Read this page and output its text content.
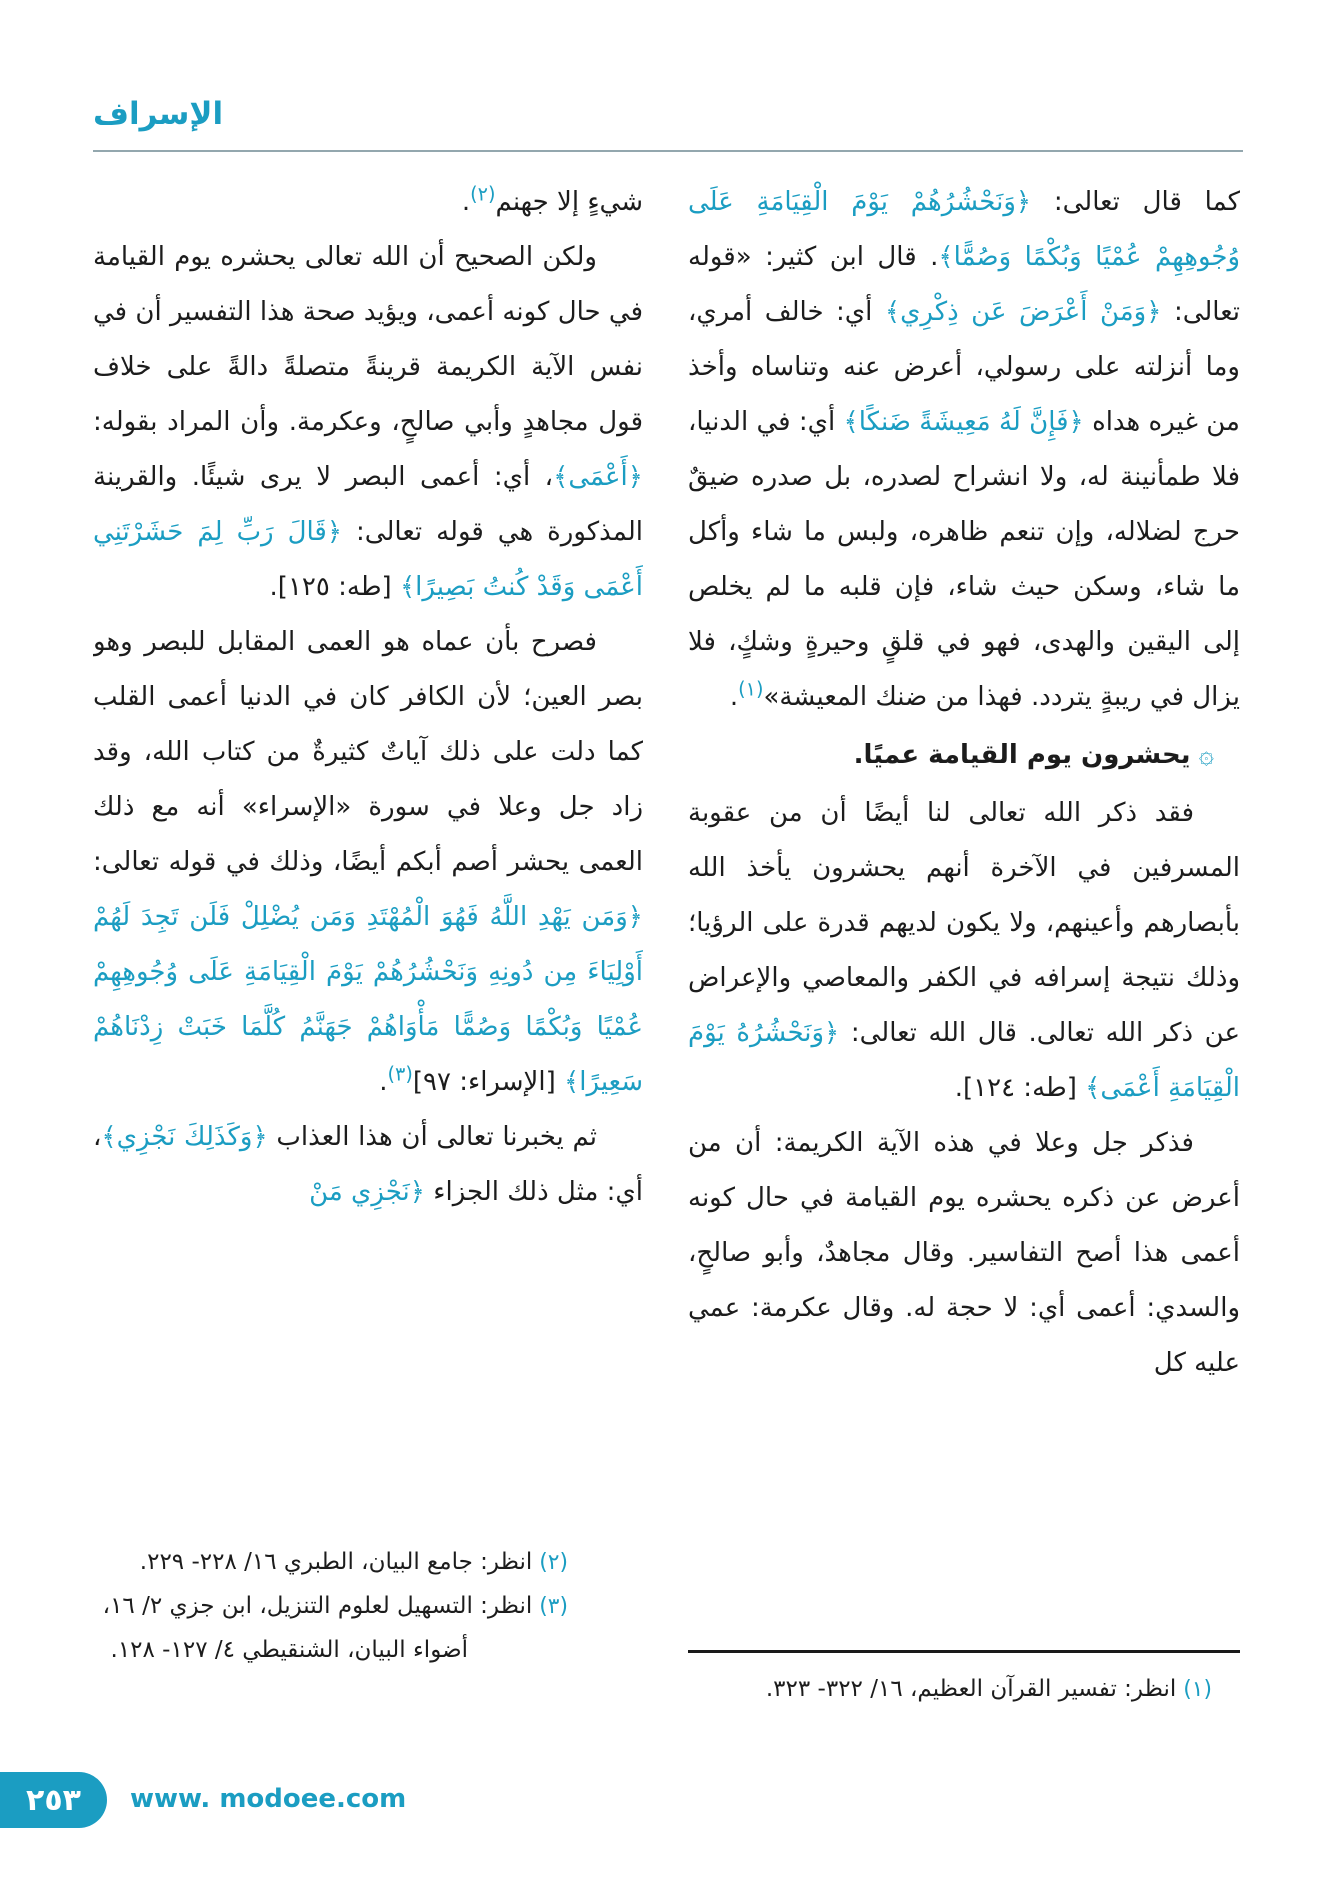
الإسراف

كما قال تعالى: ﴿وَنَحْشُرُهُمْ يَوْمَ الْقِيَامَةِ عَلَى وُجُوهِهِمْ عُمْيًا وَبُكْمًا وَصُمًّا﴾. قال ابن كثير: «قوله تعالى: ﴿وَمَنْ أَعْرَضَ عَن ذِكْرِي﴾ أي: خالف أمري، وما أنزلته على رسولي، أعرض عنه وتناساه وأخذ من غيره هداه ﴿فَإِنَّ لَهُ مَعِيشَةً ضَنكًا﴾ أي: في الدنيا، فلا طمأنينة له، ولا انشراح لصدره، بل صدره ضيقٌ حرج لضلاله، وإن تنعم ظاهره، ولبس ما شاء وأكل ما شاء، وسكن حيث شاء، فإن قلبه ما لم يخلص إلى اليقين والهدى، فهو في قلقٍ وحيرةٍ وشكٍ، فلا يزال في ريبةٍ يتردد. فهذا من ضنك المعيشة»$^{(١)}$.

۞ يحشرون يوم القيامة عميًا.

فقد ذكر الله تعالى لنا أيضًا أن من عقوبة المسرفين في الآخرة أنهم يحشرون يأخذ الله بأبصارهم وأعينهم، ولا يكون لديهم قدرة على الرؤيا؛ وذلك نتيجة إسرافه في الكفر والمعاصي والإعراض عن ذكر الله تعالى. قال الله تعالى: ﴿وَنَحْشُرُهُ يَوْمَ الْقِيَامَةِ أَعْمَى﴾ [طه: ١٢٤].

فذكر جل وعلا في هذه الآية الكريمة: أن من أعرض عن ذكره يحشره يوم القيامة في حال كونه أعمى هذا أصح التفاسير. وقال مجاهدٌ، وأبو صالحٍ، والسدي: أعمى أي: لا حجة له. وقال عكرمة: عمي عليه كل

شيءٍ إلا جهنم$^{(٢)}$.

ولكن الصحيح أن الله تعالى يحشره يوم القيامة في حال كونه أعمى، ويؤيد صحة هذا التفسير أن في نفس الآية الكريمة قرينةً متصلةً دالةً على خلاف قول مجاهدٍ وأبي صالحٍ، وعكرمة. وأن المراد بقوله: ﴿أَعْمَى﴾، أي: أعمى البصر لا يرى شيئًا. والقرينة المذكورة هي قوله تعالى: ﴿قَالَ رَبِّ لِمَ حَشَرْتَنِي أَعْمَى وَقَدْ كُنتُ بَصِيرًا﴾ [طه: ١٢٥].

فصرح بأن عماه هو العمى المقابل للبصر وهو بصر العين؛ لأن الكافر كان في الدنيا أعمى القلب كما دلت على ذلك آياتٌ كثيرةٌ من كتاب الله، وقد زاد جل وعلا في سورة «الإسراء» أنه مع ذلك العمى يحشر أصم أبكم أيضًا، وذلك في قوله تعالى: ﴿وَمَن يَهْدِ اللَّهُ فَهُوَ الْمُهْتَدِ وَمَن يُضْلِلْ فَلَن تَجِدَ لَهُمْ أَوْلِيَاءَ مِن دُونِهِ وَنَحْشُرُهُمْ يَوْمَ الْقِيَامَةِ عَلَى وُجُوهِهِمْ عُمْيًا وَبُكْمًا وَصُمًّا مَأْوَاهُمْ جَهَنَّمُ كُلَّمَا خَبَتْ زِدْنَاهُمْ سَعِيرًا﴾ [الإسراء: ٩٧]$^{(٣)}$.

ثم يخبرنا تعالى أن هذا العذاب ﴿وَكَذَلِكَ نَجْزِي﴾، أي: مثل ذلك الجزاء ﴿نَجْزِي مَنْ

(١) انظر: تفسير القرآن العظيم، ١٦/ ٣٢٢- ٣٢٣.

(٢) انظر: جامع البيان، الطبري ١٦/ ٢٢٨- ٢٢٩.

(٣) انظر: التسهيل لعلوم التنزيل، ابن جزي ٢/ ١٦، أضواء البيان، الشنقيطي ٤/ ١٢٧- ١٢٨.

٢٥٣ www. modoee.com
